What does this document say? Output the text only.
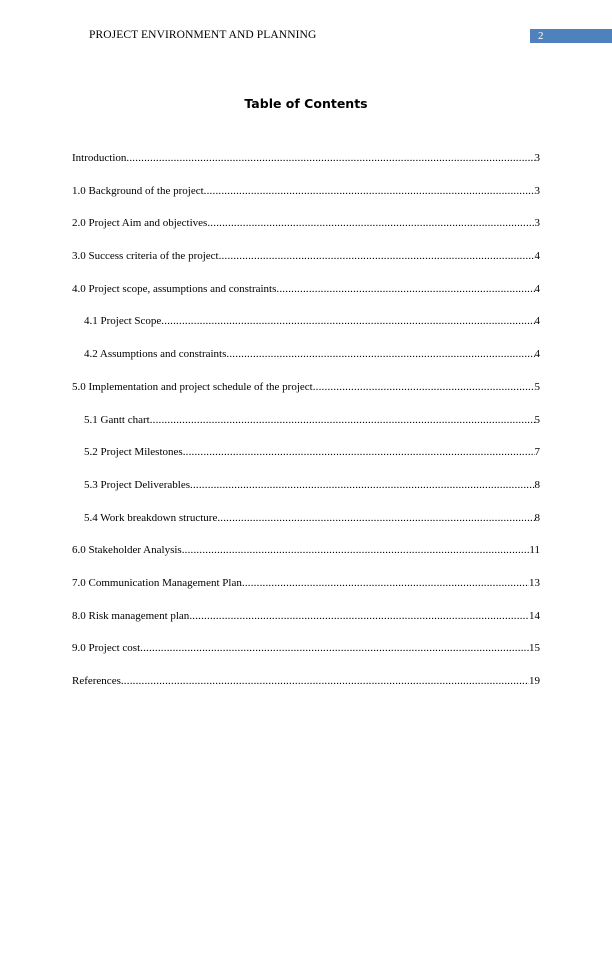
PROJECT ENVIRONMENT AND PLANNING	2
Table of Contents
Introduction .....	3
1.0 Background of the project .....	3
2.0 Project Aim and objectives .....	3
3.0 Success criteria of the project .....	4
4.0 Project scope, assumptions and constraints .....	4
4.1 Project Scope .....	4
4.2 Assumptions and constraints .....	4
5.0 Implementation and project schedule of the project .....	5
5.1 Gantt chart .....	5
5.2 Project Milestones .....	7
5.3 Project Deliverables .....	8
5.4 Work breakdown structure .....	8
6.0 Stakeholder Analysis .....	11
7.0 Communication Management Plan .....	13
8.0 Risk management plan .....	14
9.0 Project cost .....	15
References .....	19
